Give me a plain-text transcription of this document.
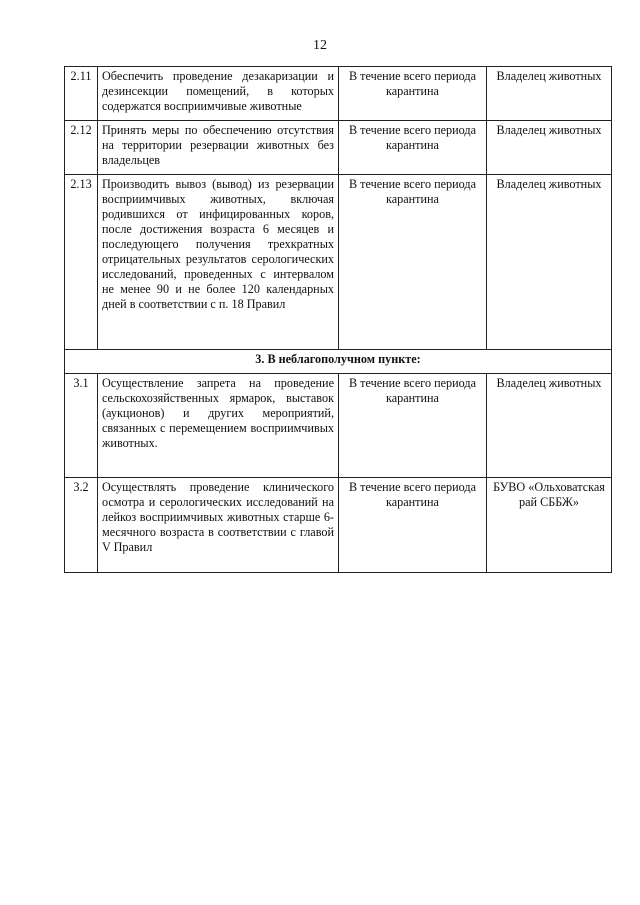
12
2.11	Обеспечить проведение дезакаризации и дезинсекции помещений, в которых содержатся восприимчивые животные	В течение всего периода карантина	Владелец животных
2.12	Принять меры по обеспечению отсутствия на территории резервации животных без владельцев	В течение всего периода карантина	Владелец животных
2.13	Производить вывоз (вывод) из резервации восприимчивых животных, включая родившихся от инфицированных коров, после достижения возраста 6 месяцев и последующего получения трехкратных отрицательных результатов серологических исследований, проведенных с интервалом не менее 90 и не более 120 календарных дней в соответствии с п. 18 Правил	В течение всего периода карантина	Владелец животных
3. В неблагополучном пункте:			
3.1	Осуществление запрета на проведение сельскохозяйственных ярмарок, выставок (аукционов) и других мероприятий, связанных с перемещением восприимчивых животных.	В течение всего периода карантина	Владелец животных
3.2	Осуществлять проведение клинического осмотра и серологических исследований на лейкоз восприимчивых животных старше 6-месячного возраста в соответствии с главой V Правил	В течение всего периода карантина	БУВО «Ольховатская рай СББЖ»
